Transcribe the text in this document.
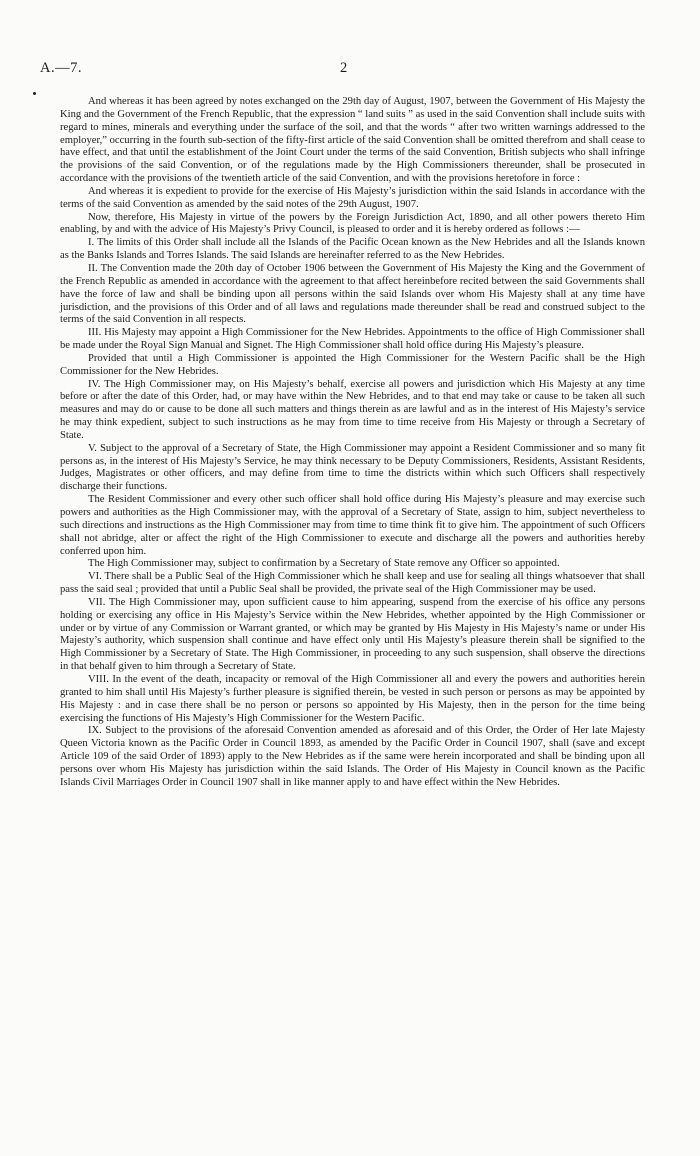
A.—7.	2

And whereas it has been agreed by notes exchanged on the 29th day of August, 1907, between the Government of His Majesty the King and the Government of the French Republic, that the expression “ land suits ” as used in the said Convention shall include suits with regard to mines, minerals and everything under the surface of the soil, and that the words “ after two written warnings addressed to the employer,” occurring in the fourth sub-section of the fifty-first article of the said Convention shall be omitted therefrom and shall cease to have effect, and that until the establishment of the Joint Court under the terms of the said Convention, British subjects who shall infringe the provisions of the said Convention, or of the regulations made by the High Commissioners thereunder, shall be prosecuted in accordance with the provisions of the twentieth article of the said Convention, and with the provisions heretofore in force :

And whereas it is expedient to provide for the exercise of His Majesty’s jurisdiction within the said Islands in accordance with the terms of the said Convention as amended by the said notes of the 29th August, 1907.

Now, therefore, His Majesty in virtue of the powers by the Foreign Jurisdiction Act, 1890, and all other powers thereto Him enabling, by and with the advice of His Majesty’s Privy Council, is pleased to order and it is hereby ordered as follows :—

I. The limits of this Order shall include all the Islands of the Pacific Ocean known as the New Hebrides and all the Islands known as the Banks Islands and Torres Islands. The said Islands are hereinafter referred to as the New Hebrides.

II. The Convention made the 20th day of October 1906 between the Government of His Majesty the King and the Government of the French Republic as amended in accordance with the agreement to that affect hereinbefore recited between the said Governments shall have the force of law and shall be binding upon all persons within the said Islands over whom His Majesty shall at any time have jurisdiction, and the provisions of this Order and of all laws and regulations made thereunder shall be read and construed subject to the terms of the said Convention in all respects.

III. His Majesty may appoint a High Commissioner for the New Hebrides. Appointments to the office of High Commissioner shall be made under the Royal Sign Manual and Signet. The High Commissioner shall hold office during His Majesty’s pleasure.

Provided that until a High Commissioner is appointed the High Commissioner for the Western Pacific shall be the High Commissioner for the New Hebrides.

IV. The High Commissioner may, on His Majesty’s behalf, exercise all powers and jurisdiction which His Majesty at any time before or after the date of this Order, had, or may have within the New Hebrides, and to that end may take or cause to be taken all such measures and may do or cause to be done all such matters and things therein as are lawful and as in the interest of His Majesty’s service he may think expedient, subject to such instructions as he may from time to time receive from His Majesty or through a Secretary of State.

V. Subject to the approval of a Secretary of State, the High Commissioner may appoint a Resident Commissioner and so many fit persons as, in the interest of His Majesty’s Service, he may think necessary to be Deputy Commissioners, Residents, Assistant Residents, Judges, Magistrates or other officers, and may define from time to time the districts within which such Officers shall respectively discharge their functions.

The Resident Commissioner and every other such officer shall hold office during His Majesty’s pleasure and may exercise such powers and authorities as the High Commissioner may, with the approval of a Secretary of State, assign to him, subject nevertheless to such directions and instructions as the High Commissioner may from time to time think fit to give him. The appointment of such Officers shall not abridge, alter or affect the right of the High Commissioner to execute and discharge all the powers and authorities hereby conferred upon him.

The High Commissioner may, subject to confirmation by a Secretary of State remove any Officer so appointed.

VI. There shall be a Public Seal of the High Commissioner which he shall keep and use for sealing all things whatsoever that shall pass the said seal ; provided that until a Public Seal shall be provided, the private seal of the High Commissioner may be used.

VII. The High Commissioner may, upon sufficient cause to him appearing, suspend from the exercise of his office any persons holding or exercising any office in His Majesty’s Service within the New Hebrides, whether appointed by the High Commissioner or under or by virtue of any Commission or Warrant granted, or which may be granted by His Majesty in His Majesty’s name or under His Majesty’s authority, which suspension shall continue and have effect only until His Majesty’s pleasure therein shall be signified to the High Commissioner by a Secretary of State. The High Commissioner, in proceeding to any such suspension, shall observe the directions in that behalf given to him through a Secretary of State.

VIII. In the event of the death, incapacity or removal of the High Commissioner all and every the powers and authorities herein granted to him shall until His Majesty’s further pleasure is signified therein, be vested in such person or persons as may be appointed by His Majesty : and in case there shall be no person or persons so appointed by His Majesty, then in the person for the time being exercising the functions of His Majesty’s High Commissioner for the Western Pacific.

IX. Subject to the provisions of the aforesaid Convention amended as aforesaid and of this Order, the Order of Her late Majesty Queen Victoria known as the Pacific Order in Council 1893, as amended by the Pacific Order in Council 1907, shall (save and except Article 109 of the said Order of 1893) apply to the New Hebrides as if the same were herein incorporated and shall be binding upon all persons over whom His Majesty has jurisdiction within the said Islands. The Order of His Majesty in Council known as the Pacific Islands Civil Marriages Order in Council 1907 shall in like manner apply to and have effect within the New Hebrides.
